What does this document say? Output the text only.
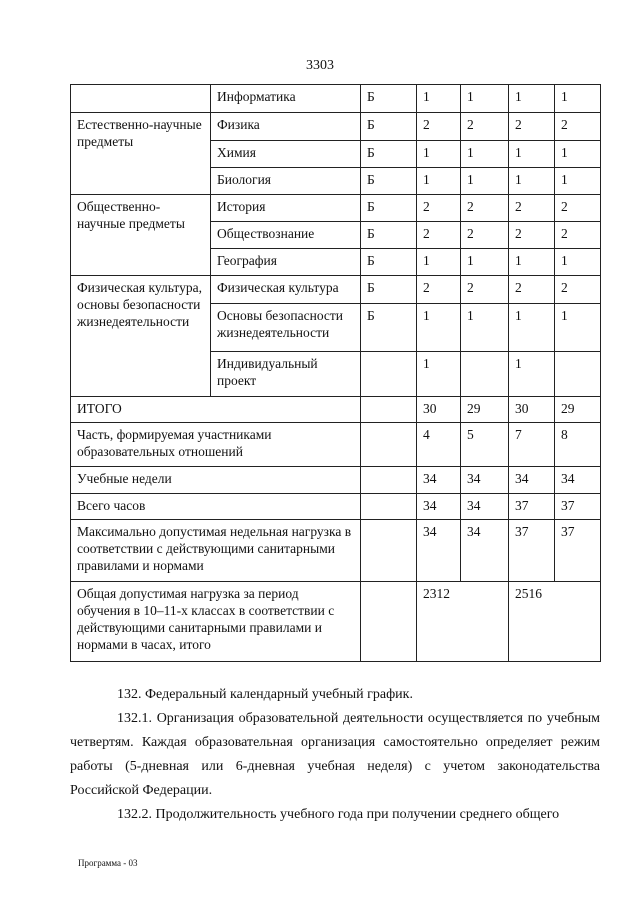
3303
	Информатика	Б	1	1	1	1
Естественно-научные предметы	Физика	Б	2	2	2	2
	Химия	Б	1	1	1	1
	Биология	Б	1	1	1	1
Общественно-научные предметы	История	Б	2	2	2	2
	Обществознание	Б	2	2	2	2
	География	Б	1	1	1	1
Физическая культура, основы безопасности жизнедеятельности	Физическая культура	Б	2	2	2	2
	Основы безопасности жизнедеятельности	Б	1	1	1	1
	Индивидуальный проект		1		1	
ИТОГО			30	29	30	29
Часть, формируемая участниками образовательных отношений			4	5	7	8
Учебные недели			34	34	34	34
Всего часов			34	34	37	37
Максимально допустимая недельная нагрузка в соответствии с действующими санитарными правилами и нормами			34	34	37	37
Общая допустимая нагрузка за период обучения в 10–11-х классах в соответствии с действующими санитарными правилами и нормами в часах, итого			2312		2516	
132. Федеральный календарный учебный график.
132.1. Организация образовательной деятельности осуществляется по учебным четвертям. Каждая образовательная организация самостоятельно определяет режим работы (5-дневная или 6-дневная учебная неделя) с учетом законодательства Российской Федерации.
132.2. Продолжительность учебного года при получении среднего общего
Программа - 03
